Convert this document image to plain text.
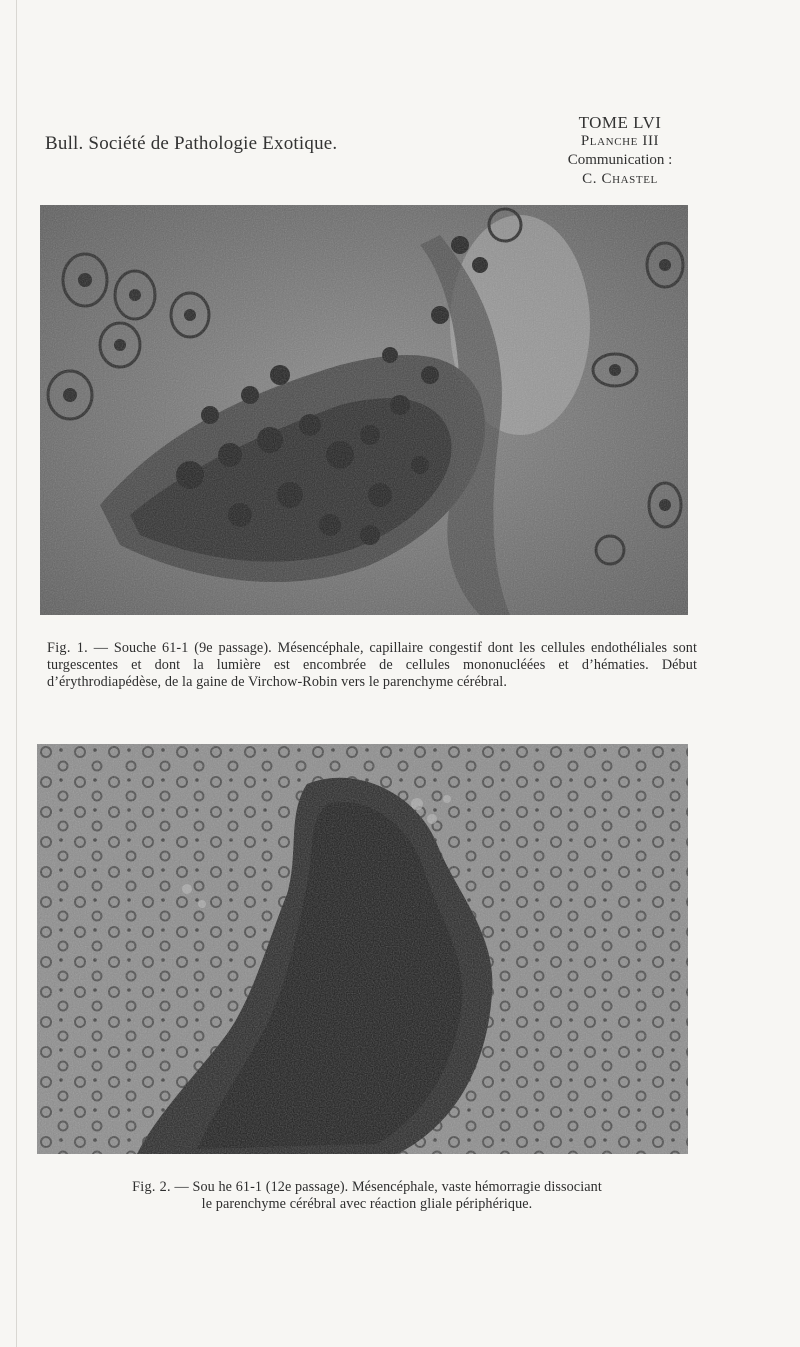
Bull. Société de Pathologie Exotique.
TOME LVI
Planche III
Communication :
C. Chastel
Fig. 1. — Souche 61-1 (9e passage). Mésencéphale, capillaire congestif dont les cellules endothéliales sont turgescentes et dont la lumière est encombrée de cellules mononucléées et d’hématies. Début d’érythrodiapédèse, de la gaine de Virchow-Robin vers le parenchyme cérébral.
Fig. 2. — Sou he 61-1 (12e passage). Mésencéphale, vaste hémorragie dissociant le parenchyme cérébral avec réaction gliale périphérique.
